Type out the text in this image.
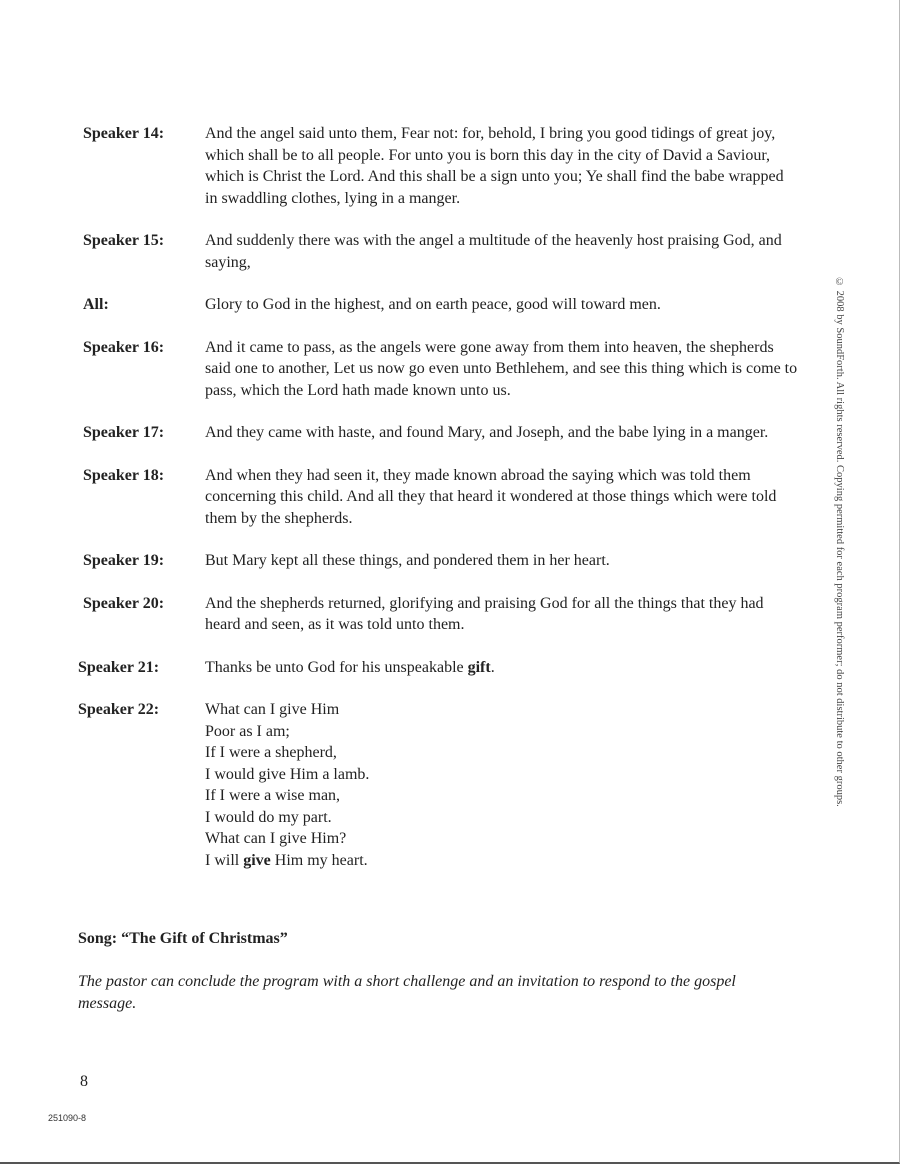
Speaker 14:	And the angel said unto them, Fear not: for, behold, I bring you good tidings of great joy, which shall be to all people. For unto you is born this day in the city of David a Saviour, which is Christ the Lord. And this shall be a sign unto you; Ye shall find the babe wrapped in swaddling clothes, lying in a manger.
Speaker 15:	And suddenly there was with the angel a multitude of the heavenly host praising God, and saying,
All:	Glory to God in the highest, and on earth peace, good will toward men.
Speaker 16:	And it came to pass, as the angels were gone away from them into heaven, the shepherds said one to another, Let us now go even unto Bethlehem, and see this thing which is come to pass, which the Lord hath made known unto us.
Speaker 17:	And they came with haste, and found Mary, and Joseph, and the babe lying in a manger.
Speaker 18:	And when they had seen it, they made known abroad the saying which was told them concerning this child. And all they that heard it wondered at those things which were told them by the shepherds.
Speaker 19:	But Mary kept all these things, and pondered them in her heart.
Speaker 20:	And the shepherds returned, glorifying and praising God for all the things that they had heard and seen, as it was told unto them.
Speaker 21:	Thanks be unto God for his unspeakable gift.
Speaker 22:	What can I give Him
Poor as I am;
If I were a shepherd,
I would give Him a lamb.
If I were a wise man,
I would do my part.
What can I give Him?
I will give Him my heart.
Song: “The Gift of Christmas”
The pastor can conclude the program with a short challenge and an invitation to respond to the gospel message.
8
251090-8
© 2008 by SoundForth. All rights reserved. Copying permitted for each program performer; do not distribute to other groups.
